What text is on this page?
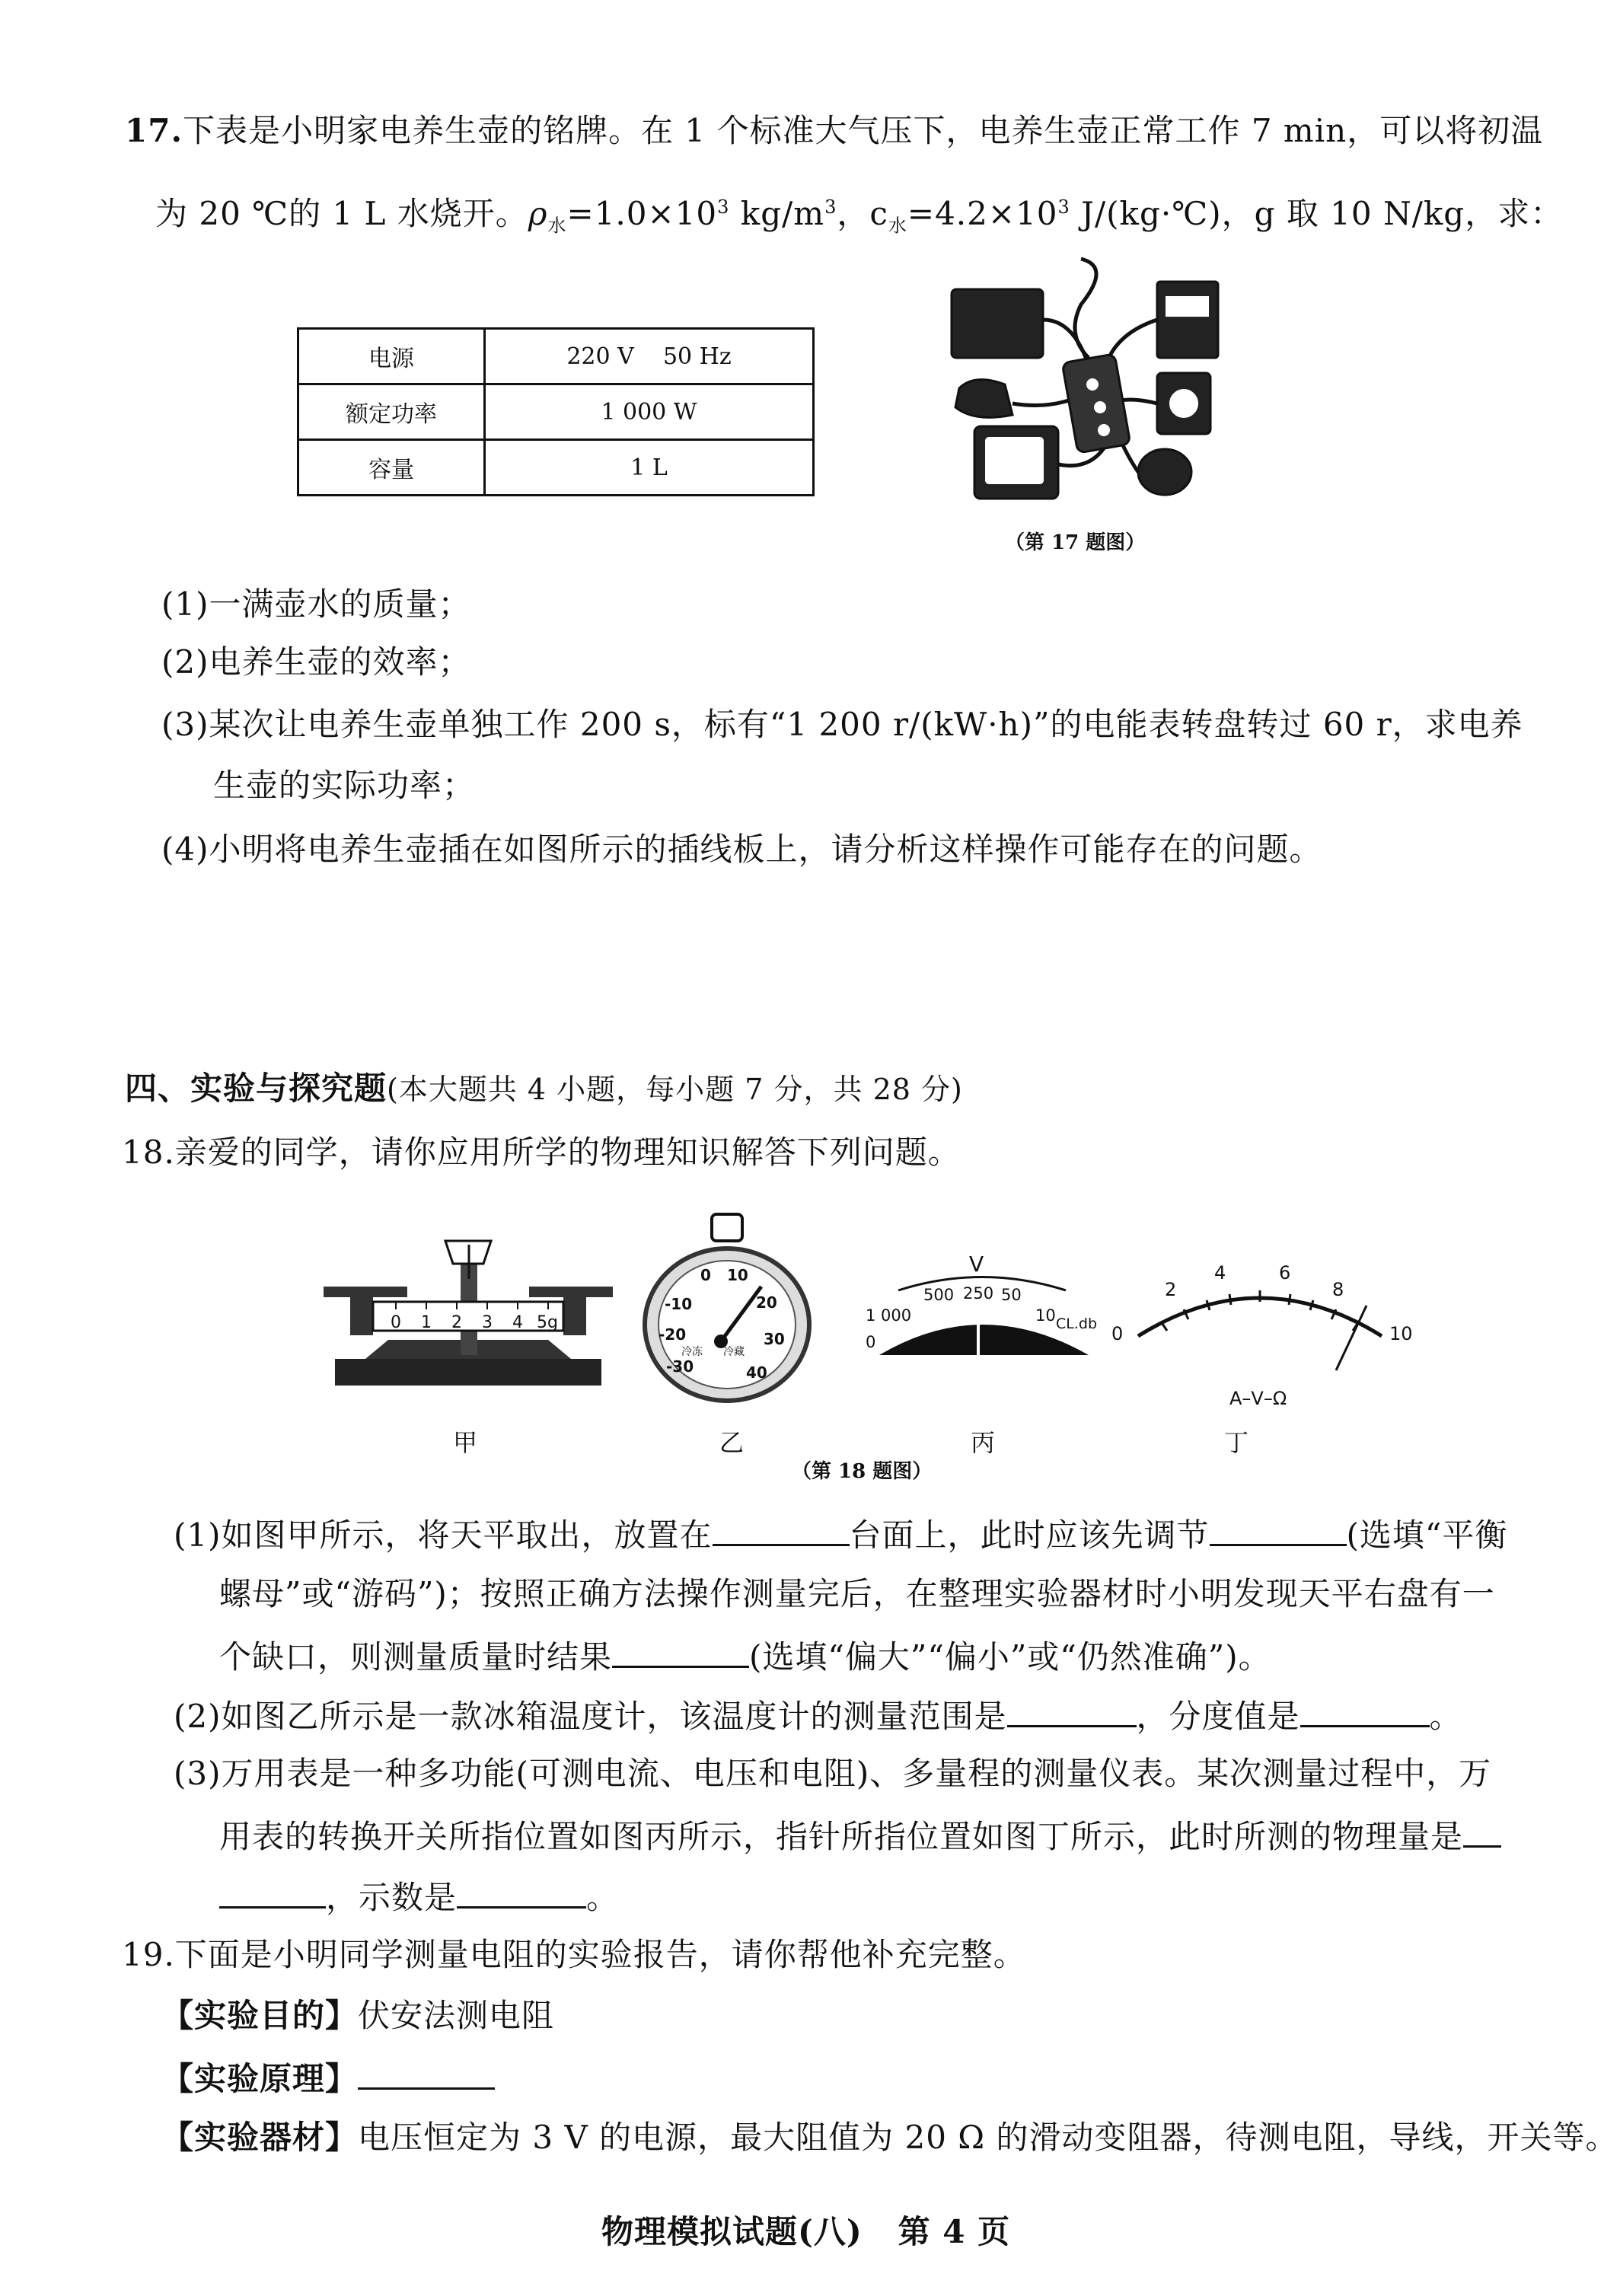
17.下表是小明家电养生壶的铭牌。在 1 个标准大气压下，电养生壶正常工作 7 min，可以将初温
为 20 ℃的 1 L 水烧开。$\rho_水=1.0\times 10^3$ $kg/m^3$，$c_水=4.2\times 10^3$ J/(kg·℃)，g 取 10 N/kg，求：
电源	220 V    50 Hz
额定功率	1 000 W
容量	1 L
（第 17 题图）
(1)一满壶水的质量；
(2)电养生壶的效率；
(3)某次让电养生壶单独工作 200 s，标有“1 200 r/(kW·h)”的电能表转盘转过 60 r，求电养
生壶的实际功率；
(4)小明将电养生壶插在如图所示的插线板上，请分析这样操作可能存在的问题。
四、实验与探究题(本大题共 4 小题，每小题 7 分，共 28 分)
18.亲爱的同学，请你应用所学的物理知识解答下列问题。
0 1 2 3 4 5g
-10
0 10
20
30
40
-20
-30
冷冻 冷藏
V
1 000
500 250 50
10
0
CL.db 0
2
4	6
8
10
A–V–Ω
甲	乙	丙	丁
（第 18 题图）
(1)如图甲所示，将天平取出，放置在	台面上，此时应该先调节	(选填“平衡
螺母”或“游码”)；按照正确方法操作测量完后，在整理实验器材时小明发现天平右盘有一
个缺口，则测量质量时结果	(选填“偏大”“偏小”或“仍然准确”)。
(2)如图乙所示是一款冰箱温度计，该温度计的测量范围是	，分度值是	。
(3)万用表是一种多功能(可测电流、电压和电阻)、多量程的测量仪表。某次测量过程中，万
用表的转换开关所指位置如图丙所示，指针所指位置如图丁所示，此时所测的物理量是
，示数是	。
19.下面是小明同学测量电阻的实验报告，请你帮他补充完整。
【实验目的】伏安法测电阻
【实验原理】
【实验器材】电压恒定为 3 V 的电源，最大阻值为 20 Ω 的滑动变阻器，待测电阻，导线，开关等。
物理模拟试题(八)   第 4 页
